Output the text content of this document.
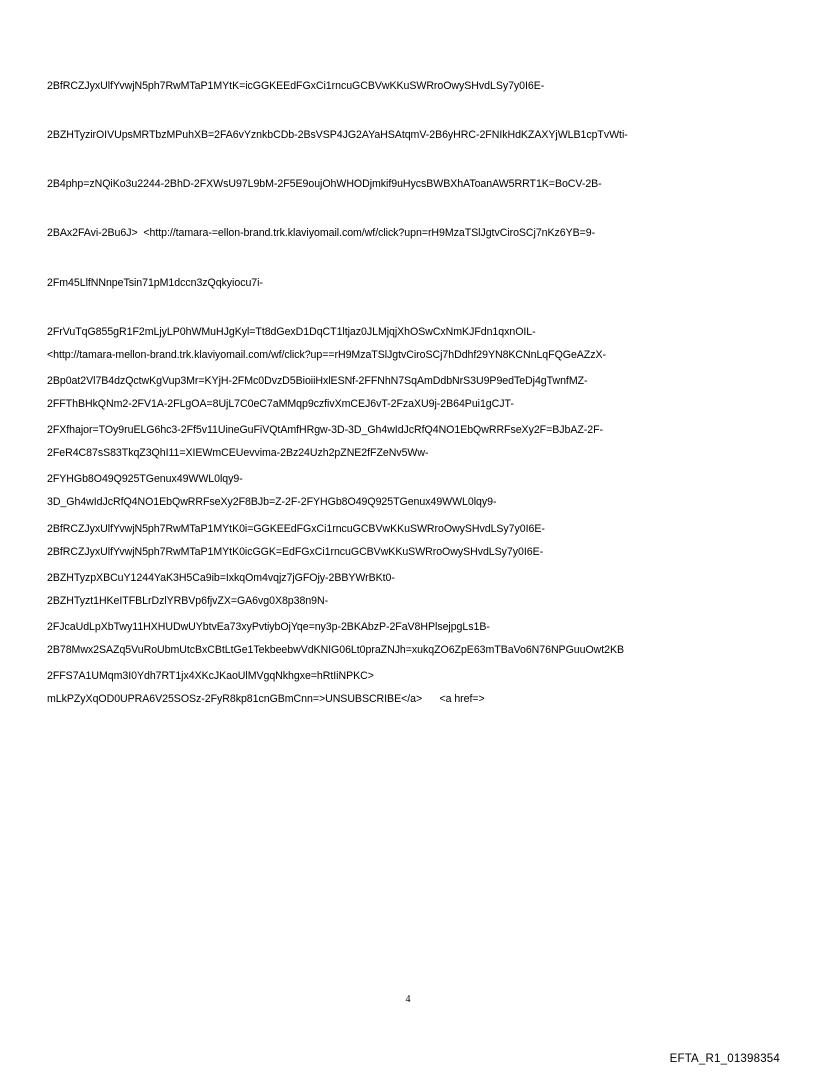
2BfRCZJyxUlfYvwjN5ph7RwMTaP1MYtK=icGGKEEdFGxCi1rncuGCBVwKKuSWRroOwySHvdLSy7y0I6E-

2BZHTyzirOIVUpsMRTbzMPuhXB=2FA6vYznkbCDb-2BsVSP4JG2AYaHSAtqmV-2B6yHRC-2FNIkHdKZAXYjWLB1cpTvWti-

2B4php=zNQiKo3u2244-2BhD-2FXWsU97L9bM-2F5E9oujOhWHODjmkif9uHycsBWBXhAToanAW5RRT1K=BoCV-2B-

2BAx2FAvi-2Bu6J>  <http://tamara-=ellon-brand.trk.klaviyomail.com/wf/click?upn=rH9MzaTSlJgtvCiroSCj7nKz6YB=9-

2Fm45LlfNNnpeTsin71pM1dccn3zQqkyiocu7i-

2FrVuTqG855gR1F2mLjyLP0hWMuHJgKyl=Tt8dGexD1DqCT1ltjaz0JLMjqjXhOSwCxNmKJFdn1qxnOIL-

2Bp0at2Vl7B4dzQctwKgVup3Mr=KYjH-2FMc0DvzD5BioiiHxlESNf-2FFNhN7SqAmDdbNrS3U9P9edTeDj4gTwnfMZ-

2FXfhajor=TOy9ruELG6hc3-2Ff5v11UineGuFiVQtAmfHRgw-3D-3D_Gh4wIdJcRfQ4NO1EbQwRRFseXy2F=BJbAZ-2F-

2FYHGb8O49Q925TGenux49WWL0lqy9-

2BfRCZJyxUlfYvwjN5ph7RwMTaP1MYtK0i=GGKEEdFGxCi1rncuGCBVwKKuSWRroOwySHvdLSy7y0I6E-

2BZHTyzpXBCuY1244YaK3H5Ca9ib=IxkqOm4vqjz7jGFOjy-2BBYWrBKt0-

2FJcaUdLpXbTwy11HXHUDwUYbtvEa73xyPvtiybOjYqe=ny3p-2BKAbzP-2FaV8HPlsejpgLs1B-

2FFS7A1UMqm3I0Ydh7RT1jx4XKcJKaoUlMVgqNkhgxe=hRtIiNPKC>

<http://tamara-mellon-brand.trk.klaviyomail.com/wf/click?up==rH9MzaTSlJgtvCiroSCj7hDdhf29YN8KCNnLqFQGeAZzX-

2FFThBHkQNm2-2FV1A-2FLgOA=8UjL7C0eC7aMMqp9czfivXmCEJ6vT-2FzaXU9j-2B64Pui1gCJT-

2FeR4C87sS83TkqZ3QhI11=XIEWmCEUevvima-2Bz24Uzh2pZNE2fFZeNv5Ww-

3D_Gh4wIdJcRfQ4NO1EbQwRRFseXy2F8BJb=Z-2F-2FYHGb8O49Q925TGenux49WWL0lqy9-

2BfRCZJyxUlfYvwjN5ph7RwMTaP1MYtK0icGGK=EdFGxCi1rncuGCBVwKKuSWRroOwySHvdLSy7y0I6E-

2BZHTyzt1HKeITFBLrDzlYRBVp6fjvZX=GA6vg0X8p38n9N-

2B78Mwx2SAZq5VuRoUbmUtcBxCBtLtGe1TekbeebwVdKNIG06Lt0praZNJh=xukqZO6ZpE63mTBaVo6N76NPGuuOwt2KB

mLkPZyXqOD0UPRA6V25SOSz-2FyR8kp81cnGBmCnn=>UNSUBSCRIBE</a>      <a href=>

4
EFTA_R1_01398354
